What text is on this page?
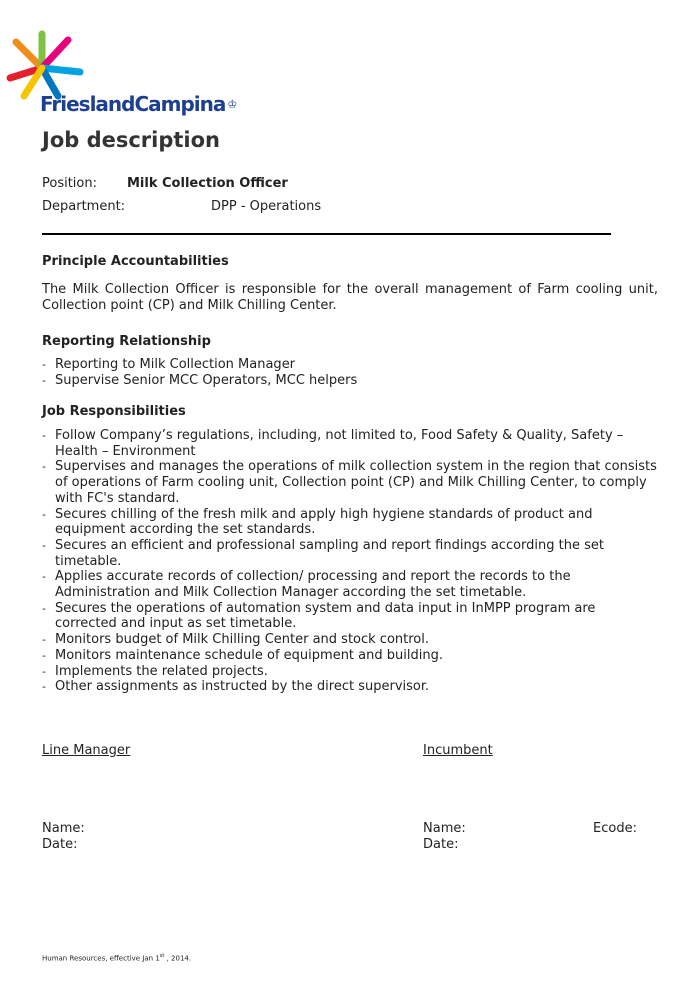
FrieslandCampina ♔
Job description
Position: Milk Collection Officer
Department:	DPP - Operations
Principle Accountabilities
The Milk Collection Officer is responsible for the overall management of Farm cooling unit, Collection point (CP) and Milk Chilling Center.
Reporting Relationship
- Reporting to Milk Collection Manager
- Supervise Senior MCC Operators, MCC helpers
Job Responsibilities
- Follow Company’s regulations, including, not limited to, Food Safety & Quality, Safety – Health – Environment
- Supervises and manages the operations of milk collection system in the region that consists of operations of Farm cooling unit, Collection point (CP) and Milk Chilling Center, to comply with FC's standard.
- Secures chilling of the fresh milk and apply high hygiene standards of product and equipment according the set standards.
- Secures an efficient and professional sampling and report findings according the set timetable.
- Applies accurate records of collection/ processing and report the records to the Administration and Milk Collection Manager according the set timetable.
- Secures the operations of automation system and data input in InMPP program are corrected and input as set timetable.
- Monitors budget of Milk Chilling Center and stock control.
- Monitors maintenance schedule of equipment and building.
- Implements the related projects.
- Other assignments as instructed by the direct supervisor.
Line Manager	Incumbent
Name:
Date:
Name:
Date:
Ecode:
Human Resources, effective Jan 1st , 2014.
